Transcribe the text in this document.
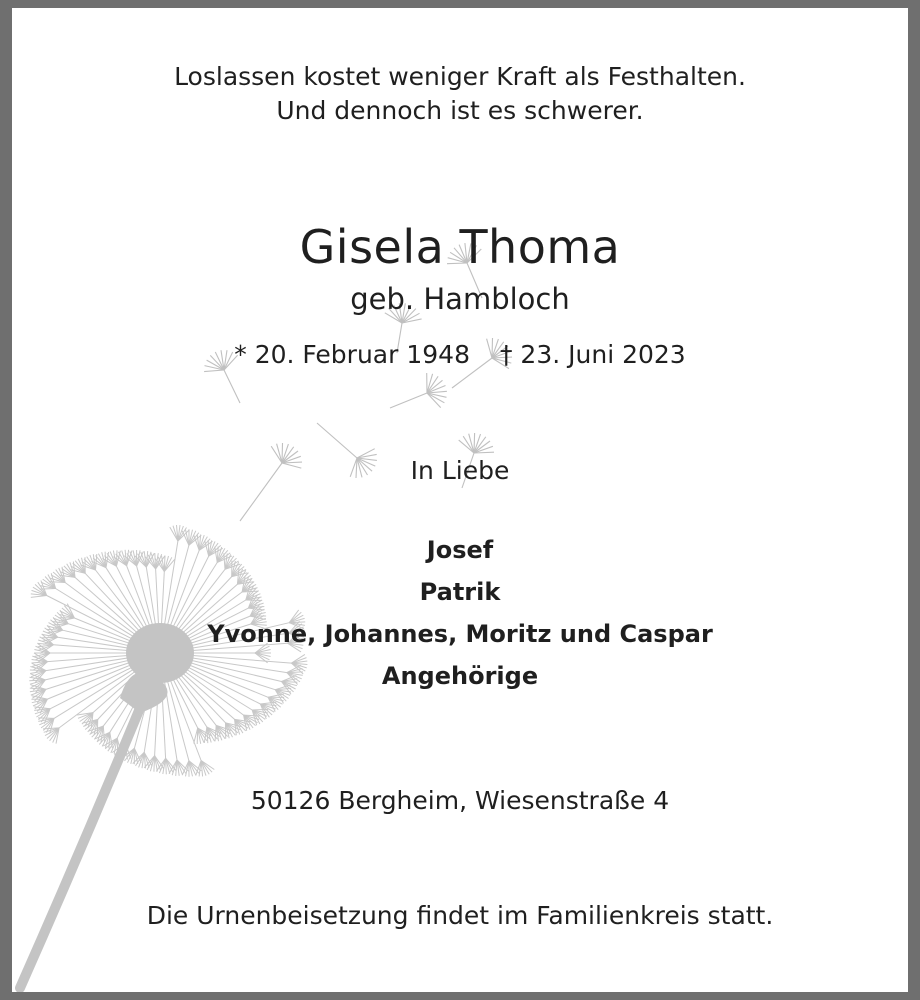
Loslassen kostet weniger Kraft als Festhalten.
Und dennoch ist es schwerer.
Gisela Thoma
geb. Hambloch
* 20. Februar 1948 † 23. Juni 2023
In Liebe
Josef
Patrik
Yvonne, Johannes, Moritz und Caspar
Angehörige
50126 Bergheim, Wiesenstraße 4
Die Urnenbeisetzung findet im Familienkreis statt.
